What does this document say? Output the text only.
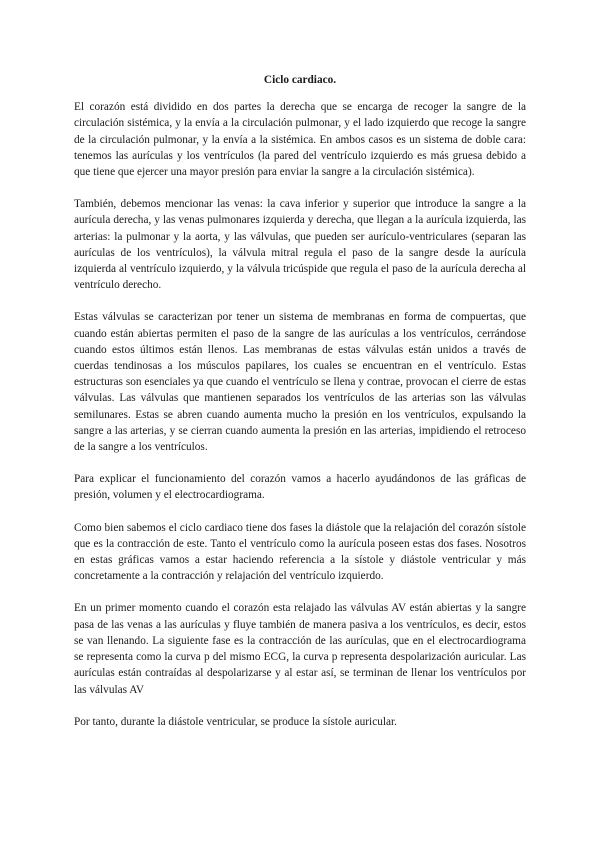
Ciclo cardiaco.

El corazón está dividido en dos partes la derecha que se encarga de recoger la sangre de la circulación sistémica, y la envía a la circulación pulmonar, y el lado izquierdo que recoge la sangre de la circulación pulmonar, y la envía a la sistémica. En ambos casos es un sistema de doble cara: tenemos las aurículas y los ventrículos (la pared del ventrículo izquierdo es más gruesa debido a que tiene que ejercer una mayor presión para enviar la sangre a la circulación sistémica).

También, debemos mencionar las venas: la cava inferior y superior que introduce la sangre a la aurícula derecha, y las venas pulmonares izquierda y derecha, que llegan a la aurícula izquierda, las arterias: la pulmonar y la aorta, y las válvulas, que pueden ser aurículo-ventriculares (separan las aurículas de los ventrículos), la válvula mitral regula el paso de la sangre desde la aurícula izquierda al ventrículo izquierdo, y la válvula tricúspide que regula el paso de la aurícula derecha al ventrículo derecho.

Estas válvulas se caracterizan por tener un sistema de membranas en forma de compuertas, que cuando están abiertas permiten el paso de la sangre de las aurículas a los ventrículos, cerrándose cuando estos últimos están llenos. Las membranas de estas válvulas están unidos a través de cuerdas tendinosas a los músculos papilares, los cuales se encuentran en el ventrículo. Estas estructuras son esenciales ya que cuando el ventrículo se llena y contrae, provocan el cierre de estas válvulas. Las válvulas que mantienen separados los ventrículos de las arterias son las válvulas semilunares. Estas se abren cuando aumenta mucho la presión en los ventrículos, expulsando la sangre a las arterias, y se cierran cuando aumenta la presión en las arterias, impidiendo el retroceso de la sangre a los ventrículos.

Para explicar el funcionamiento del corazón vamos a hacerlo ayudándonos de las gráficas de presión, volumen y el electrocardiograma.

Como bien sabemos el ciclo cardiaco tiene dos fases la diástole que la relajación del corazón sístole que es la contracción de este. Tanto el ventrículo como la aurícula poseen estas dos fases. Nosotros en estas gráficas vamos a estar haciendo referencia a la sístole y diástole ventricular y más concretamente a la contracción y relajación del ventrículo izquierdo.

En un primer momento cuando el corazón esta relajado las válvulas AV están abiertas y la sangre pasa de las venas a las aurículas y fluye también de manera pasiva a los ventrículos, es decir, estos se van llenando. La siguiente fase es la contracción de las aurículas, que en el electrocardiograma se representa como la curva p del mismo ECG, la curva p representa despolarización auricular. Las aurículas están contraídas al despolarizarse y al estar así, se terminan de llenar los ventrículos por las válvulas AV

Por tanto, durante la diástole ventricular, se produce la sístole auricular.
